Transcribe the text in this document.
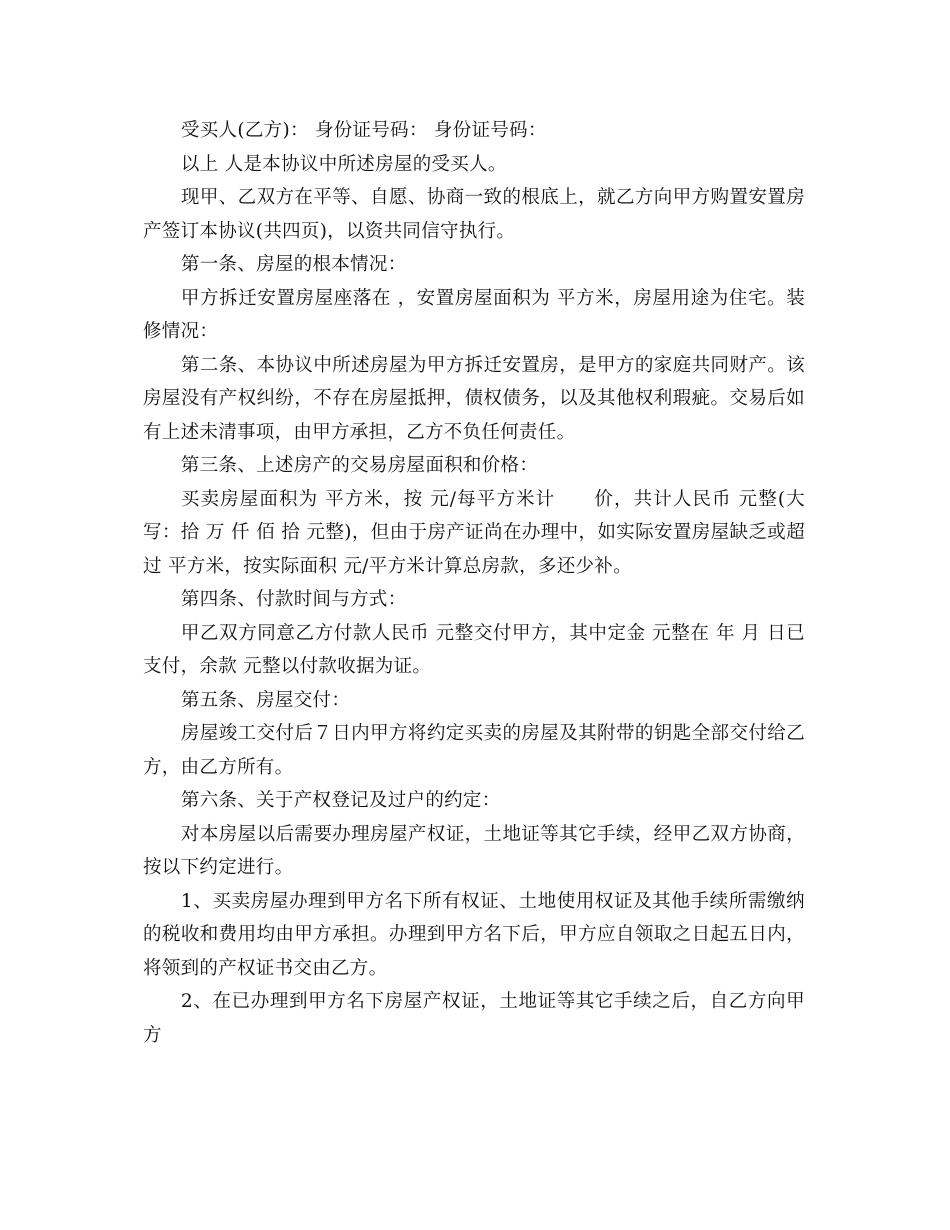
受买人(乙方)： 身份证号码： 身份证号码：

以上 人是本协议中所述房屋的受买人。

现甲、乙双方在平等、自愿、协商一致的根底上，就乙方向甲方购置安置房产签订本协议(共四页)，以资共同信守执行。

第一条、房屋的根本情况：

甲方拆迁安置房屋座落在 ，安置房屋面积为 平方米，房屋用途为住宅。装修情况：

第二条、本协议中所述房屋为甲方拆迁安置房，是甲方的家庭共同财产。该房屋没有产权纠纷，不存在房屋抵押，债权债务，以及其他权利瑕疵。交易后如有上述未清事项，由甲方承担，乙方不负任何责任。

第三条、上述房产的交易房屋面积和价格：

买卖房屋面积为 平方米，按 元/每平方米计　　价，共计人民币 元整(大写：拾 万 仟 佰 拾 元整)，但由于房产证尚在办理中，如实际安置房屋缺乏或超过 平方米，按实际面积 元/平方米计算总房款，多还少补。

第四条、付款时间与方式：

甲乙双方同意乙方付款人民币 元整交付甲方，其中定金 元整在 年 月 日已支付，余款 元整以付款收据为证。

第五条、房屋交付：

房屋竣工交付后７日内甲方将约定买卖的房屋及其附带的钥匙全部交付给乙方，由乙方所有。

第六条、关于产权登记及过户的约定：

对本房屋以后需要办理房屋产权证，土地证等其它手续，经甲乙双方协商，按以下约定进行。

1、买卖房屋办理到甲方名下所有权证、土地使用权证及其他手续所需缴纳的税收和费用均由甲方承担。办理到甲方名下后，甲方应自领取之日起五日内，将领到的产权证书交由乙方。

2、在已办理到甲方名下房屋产权证，土地证等其它手续之后，自乙方向甲方
